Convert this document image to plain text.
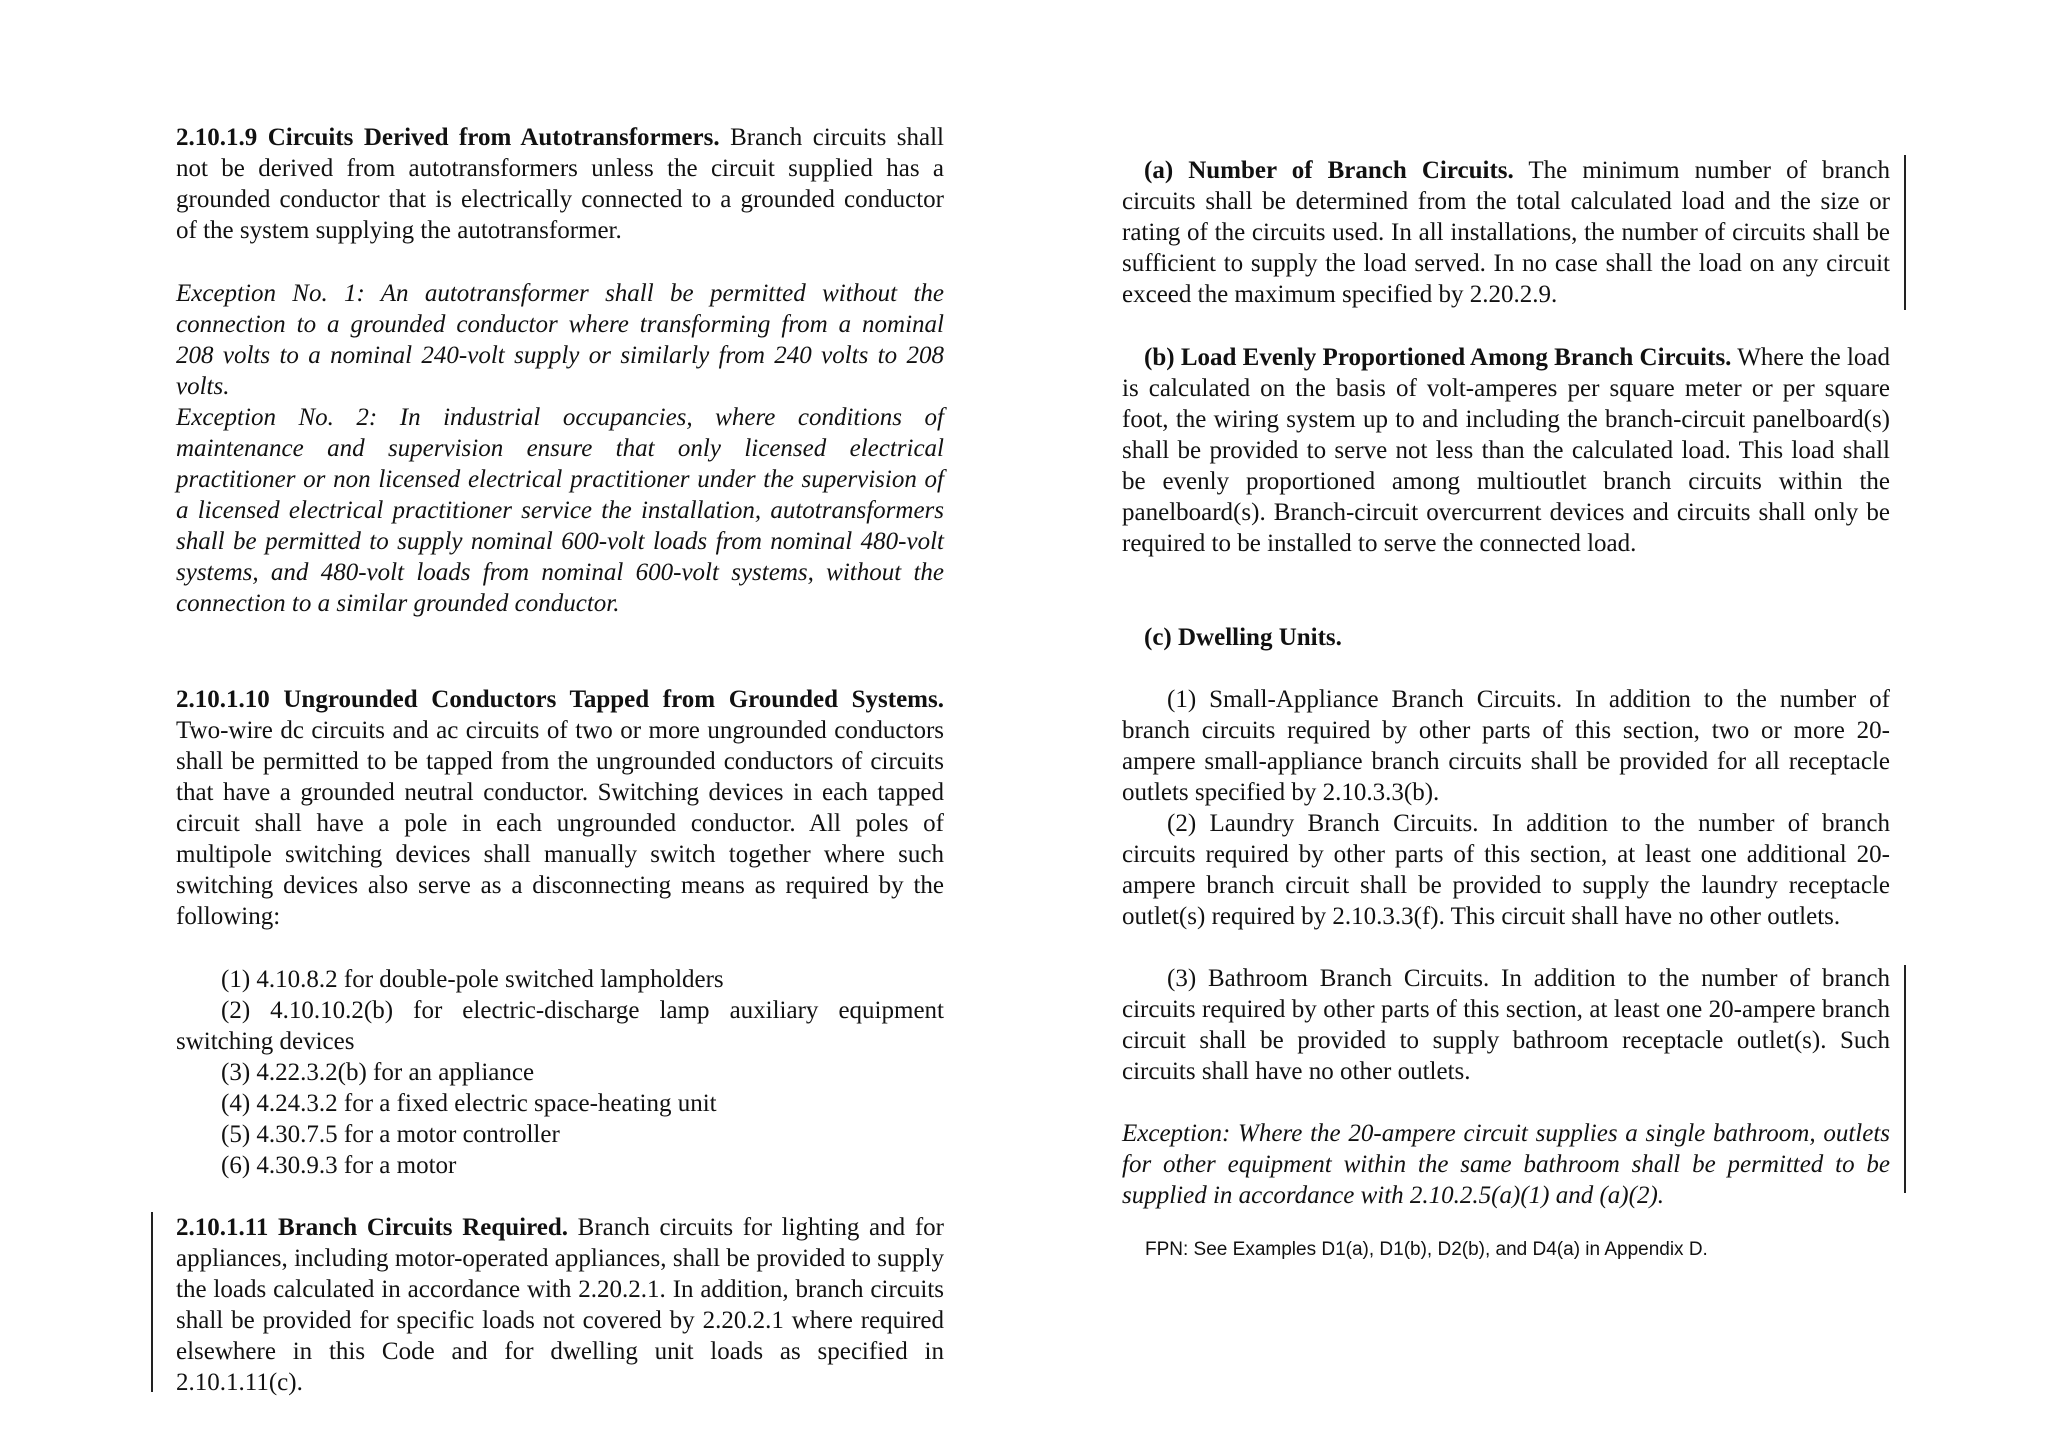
2.10.1.9 Circuits Derived from Autotransformers. Branch circuits shall not be derived from autotransformers unless the circuit supplied has a grounded conductor that is electrically connected to a grounded conductor of the system supplying the autotransformer.

Exception No. 1: An autotransformer shall be permitted without the connection to a grounded conductor where transforming from a nominal 208 volts to a nominal 240-volt supply or similarly from 240 volts to 208 volts.

Exception No. 2: In industrial occupancies, where conditions of maintenance and supervision ensure that only licensed electrical practitioner or non licensed electrical practitioner under the supervision of a licensed electrical practitioner service the installation, autotransformers shall be permitted to supply nominal 600-volt loads from nominal 480-volt systems, and 480-volt loads from nominal 600-volt systems, without the connection to a similar grounded conductor.

2.10.1.10 Ungrounded Conductors Tapped from Grounded Systems. Two-wire dc circuits and ac circuits of two or more ungrounded conductors shall be permitted to be tapped from the ungrounded conductors of circuits that have a grounded neutral conductor. Switching devices in each tapped circuit shall have a pole in each ungrounded conductor. All poles of multipole switching devices shall manually switch together where such switching devices also serve as a disconnecting means as required by the following:

(1) 4.10.8.2 for double-pole switched lampholders

(2) 4.10.10.2(b) for electric-discharge lamp auxiliary equipment switching devices

(3) 4.22.3.2(b) for an appliance

(4) 4.24.3.2 for a fixed electric space-heating unit

(5) 4.30.7.5 for a motor controller

(6) 4.30.9.3 for a motor

2.10.1.11 Branch Circuits Required. Branch circuits for lighting and for appliances, including motor-operated appliances, shall be provided to supply the loads calculated in accordance with 2.20.2.1. In addition, branch circuits shall be provided for specific loads not covered by 2.20.2.1 where required elsewhere in this Code and for dwelling unit loads as specified in 2.10.1.11(c).

(a) Number of Branch Circuits. The minimum number of branch circuits shall be determined from the total calculated load and the size or rating of the circuits used. In all installations, the number of circuits shall be sufficient to supply the load served. In no case shall the load on any circuit exceed the maximum specified by 2.20.2.9.

(b) Load Evenly Proportioned Among Branch Circuits. Where the load is calculated on the basis of volt-amperes per square meter or per square foot, the wiring system up to and including the branch-circuit panelboard(s) shall be provided to serve not less than the calculated load. This load shall be evenly proportioned among multioutlet branch circuits within the panelboard(s). Branch-circuit overcurrent devices and circuits shall only be required to be installed to serve the connected load.

(c) Dwelling Units.

(1) Small-Appliance Branch Circuits. In addition to the number of branch circuits required by other parts of this section, two or more 20-ampere small-appliance branch circuits shall be provided for all receptacle outlets specified by 2.10.3.3(b).

(2) Laundry Branch Circuits. In addition to the number of branch circuits required by other parts of this section, at least one additional 20-ampere branch circuit shall be provided to supply the laundry receptacle outlet(s) required by 2.10.3.3(f). This circuit shall have no other outlets.

(3) Bathroom Branch Circuits. In addition to the number of branch circuits required by other parts of this section, at least one 20-ampere branch circuit shall be provided to supply bathroom receptacle outlet(s). Such circuits shall have no other outlets.

Exception: Where the 20-ampere circuit supplies a single bathroom, outlets for other equipment within the same bathroom shall be permitted to be supplied in accordance with 2.10.2.5(a)(1) and (a)(2).

FPN: See Examples D1(a), D1(b), D2(b), and D4(a) in Appendix D.
